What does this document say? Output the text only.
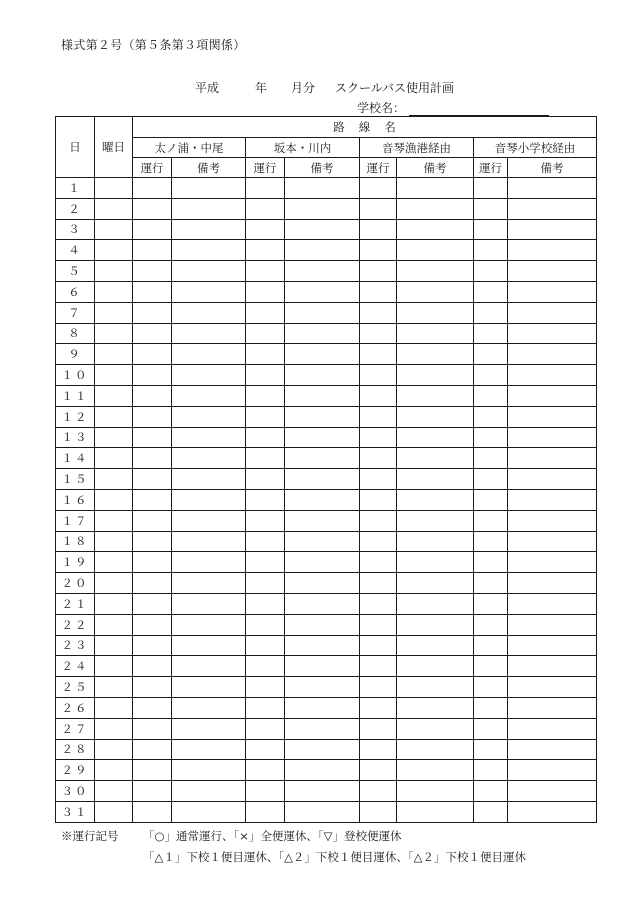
様式第２号（第５条第３項関係）
平成	年 月分 スクールバス使用計画
学校名：
日	曜日	路線名							
		太ノ浦・中尾		坂本・川内		音琴漁港経由		音琴小学校経由	
		運行	備考	運行	備考	運行	備考	運行	備考
１									
２									
３									
４									
５									
６									
７									
８									
９									
１０									
１１									
１２									
１３									
１４									
１５									
１６									
１７									
１８									
１９									
２０									
２１									
２２									
２３									
２４									
２５									
２６									
２７									
２８									
２９									
３０									
３１									
※運行記号 「○」通常運行、「×」全便運休、「▽」登校便運休
「△１」下校１便目運休、「△２」下校１便目運休、「△２」下校１便目運休
